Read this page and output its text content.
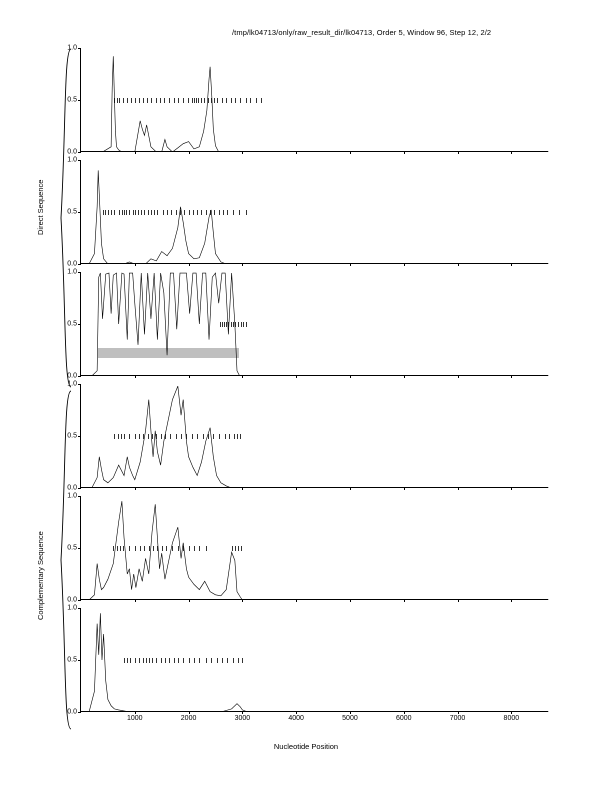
/tmp/lk04713/only/raw_result_dir/lk04713, Order 5, Window 96, Step 12, 2/2
Direct Sequence
Complementary Sequence
0.0
0.5
1.0
0.0
0.5
1.0
0.0
0.5
1.0
0.0
0.5
1.0
0.0
0.5
1.0
0.0
0.5
1.0
1000	2000	3000	4000	5000	6000	7000	8000
Nucleotide Position
